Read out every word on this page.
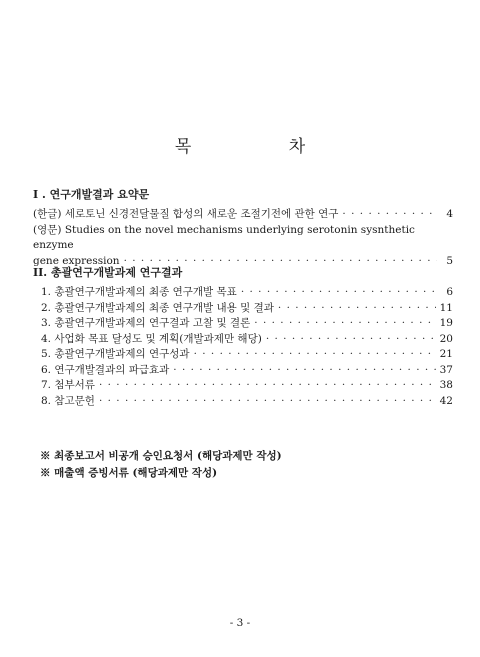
목 차
I . 연구개발결과 요약문
(한글) 세로토닌 신경전달물질 합성의 새로운 조절기전에 관한 연구 · · ·	4
(영문) Studies on the novel mechanisms underlying serotonin sysnthetic enzyme
gene expression · · ·	5
II. 총괄연구개발과제 연구결과
1. 총괄연구개발과제의 최종 연구개발 목표 · · ·	6
2. 총괄연구개발과제의 최종 연구개발 내용 및 결과 · · ·	11
3. 총괄연구개발과제의 연구결과 고찰 및 결론 · · ·	19
4. 사업화 목표 달성도 및 계획(개발과제만 해당) · · ·	20
5. 총괄연구개발과제의 연구성과 · · ·	21
6. 연구개발결과의 파급효과 · · ·	37
7. 첨부서류 · · ·	38
8. 참고문헌 · · ·	42
※ 최종보고서 비공개 승인요청서 (해당과제만 작성)
※ 매출액 증빙서류 (해당과제만 작성)
- 3 -
